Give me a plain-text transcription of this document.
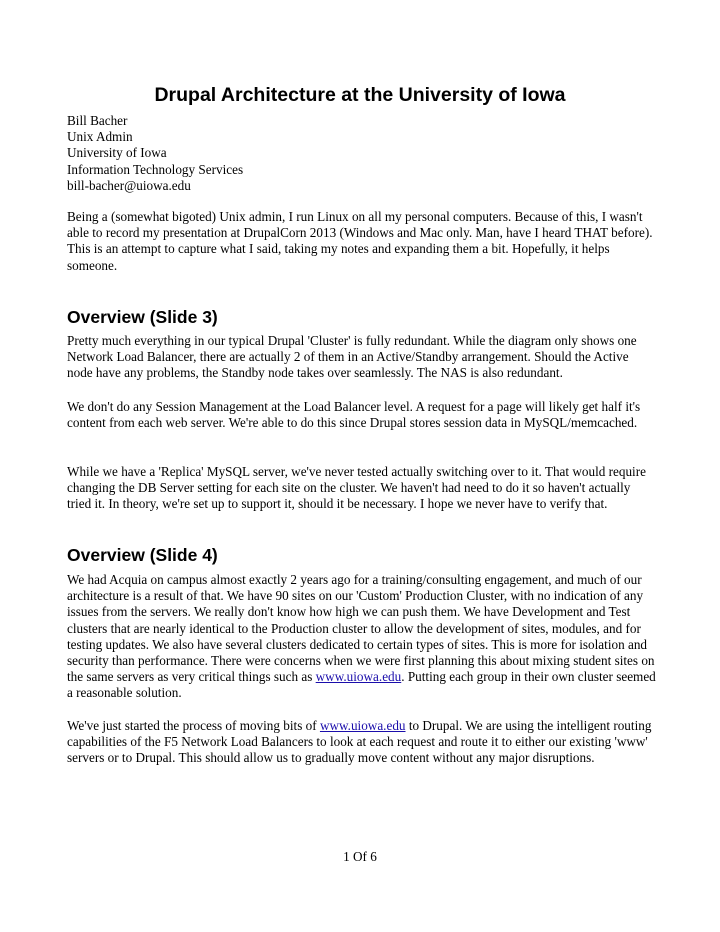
Drupal Architecture at the University of Iowa
Bill Bacher
Unix Admin
University of Iowa
Information Technology Services
bill-bacher@uiowa.edu

Being a (somewhat bigoted) Unix admin, I run Linux on all my personal computers. Because of this, I wasn't able to record my presentation at DrupalCorn 2013 (Windows and Mac only. Man, have I heard THAT before). This is an attempt to capture what I said, taking my notes and expanding them a bit. Hopefully, it helps someone.

Overview (Slide 3)

Pretty much everything in our typical Drupal 'Cluster' is fully redundant. While the diagram only shows one Network Load Balancer, there are actually 2 of them in an Active/Standby arrangement. Should the Active node have any problems, the Standby node takes over seamlessly. The NAS is also redundant.

We don't do any Session Management at the Load Balancer level. A request for a page will likely get half it's content from each web server. We're able to do this since Drupal stores session data in MySQL/memcached.

While we have a 'Replica' MySQL server, we've never tested actually switching over to it. That would require changing the DB Server setting for each site on the cluster. We haven't had need to do it so haven't actually tried it. In theory, we're set up to support it, should it be necessary. I hope we never have to verify that.

Overview (Slide 4)

We had Acquia on campus almost exactly 2 years ago for a training/consulting engagement, and much of our architecture is a result of that. We have 90 sites on our 'Custom' Production Cluster, with no indication of any issues from the servers. We really don't know how high we can push them. We have Development and Test clusters that are nearly identical to the Production cluster to allow the development of sites, modules, and for testing updates. We also have several clusters dedicated to certain types of sites. This is more for isolation and security than performance. There were concerns when we were first planning this about mixing student sites on the same servers as very critical things such as www.uiowa.edu. Putting each group in their own cluster seemed a reasonable solution.

We've just started the process of moving bits of www.uiowa.edu to Drupal. We are using the intelligent routing capabilities of the F5 Network Load Balancers to look at each request and route it to either our existing 'www' servers or to Drupal. This should allow us to gradually move content without any major disruptions.

1 Of 6
